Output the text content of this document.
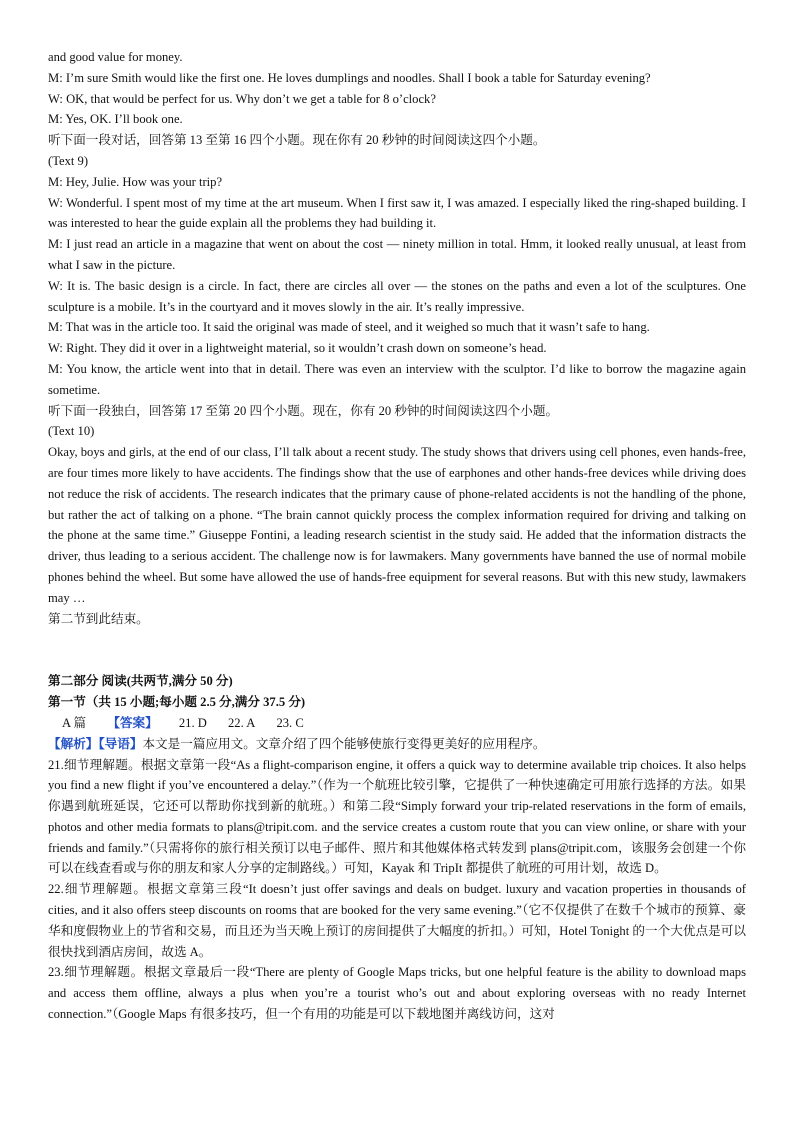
and good value for money.

M: I’m sure Smith would like the first one. He loves dumplings and noodles. Shall I book a table for Saturday evening?

W: OK, that would be perfect for us. Why don’t we get a table for 8 o’clock?

M: Yes, OK. I’ll book one.

听下面一段对话，回答第 13 至第 16 四个小题。现在你有 20 秒钟的时间阅读这四个小题。

(Text 9)

M: Hey, Julie. How was your trip?

W: Wonderful. I spent most of my time at the art museum. When I first saw it, I was amazed. I especially liked the ring-shaped building. I was interested to hear the guide explain all the problems they had building it.

M: I just read an article in a magazine that went on about the cost — ninety million in total. Hmm, it looked really unusual, at least from what I saw in the picture.

W: It is. The basic design is a circle. In fact, there are circles all over — the stones on the paths and even a lot of the sculptures. One sculpture is a mobile. It’s in the courtyard and it moves slowly in the air. It’s really impressive.

M: That was in the article too. It said the original was made of steel, and it weighed so much that it wasn’t safe to hang.

W: Right. They did it over in a lightweight material, so it wouldn’t crash down on someone’s head.

M: You know, the article went into that in detail. There was even an interview with the sculptor. I’d like to borrow the magazine again sometime.

听下面一段独白，回答第 17 至第 20 四个小题。现在，你有 20 秒钟的时间阅读这四个小题。

(Text 10)

Okay, boys and girls, at the end of our class, I’ll talk about a recent study. The study shows that drivers using cell phones, even hands-free, are four times more likely to have accidents. The findings show that the use of earphones and other hands-free devices while driving does not reduce the risk of accidents. The research indicates that the primary cause of phone-related accidents is not the handling of the phone, but rather the act of talking on a phone. “The brain cannot quickly process the complex information required for driving and talking on the phone at the same time.” Giuseppe Fontini, a leading research scientist in the study said. He added that the information distracts the driver, thus leading to a serious accident. The challenge now is for lawmakers. Many governments have banned the use of normal mobile phones behind the wheel. But some have allowed the use of hands-free equipment for several reasons. But with this new study, lawmakers may …

第二节到此结束。

第二部分 阅读(共两节,满分 50 分)

第一节（共 15 小题;每小题 2.5 分,满分 37.5 分)

A 篇 【答案】 21. D 22. A 23. C

【解析】【导语】本文是一篇应用文。文章介绍了四个能够使旅行变得更美好的应用程序。

21.细节理解题。根据文章第一段“As a flight-comparison engine, it offers a quick way to determine available trip choices. It also helps you find a new flight if you’ve encountered a delay.”（作为一个航班比较引擎，它提供了一种快速确定可用旅行选择的方法。如果你遇到航班延误，它还可以帮助你找到新的航班。）和第二段“Simply forward your trip-related reservations in the form of emails, photos and other media formats to plans@tripit.com. and the service creates a custom route that you can view online, or share with your friends and family.”（只需将你的旅行相关预订以电子邮件、照片和其他媒体格式转发到 plans@tripit.com，该服务会创建一个你可以在线查看或与你的朋友和家人分享的定制路线。）可知，Kayak 和 TripIt 都提供了航班的可用计划，故选 D。

22.细节理解题。根据文章第三段“It doesn’t just offer savings and deals on budget. luxury and vacation properties in thousands of cities, and it also offers steep discounts on rooms that are booked for the very same evening.”（它不仅提供了在数千个城市的预算、豪华和度假物业上的节省和交易，而且还为当天晚上预订的房间提供了大幅度的折扣。）可知，Hotel Tonight 的一个大优点是可以很快找到酒店房间，故选 A。

23.细节理解题。根据文章最后一段“There are plenty of Google Maps tricks, but one helpful feature is the ability to download maps and access them offline, always a plus when you’re a tourist who’s out and about exploring overseas with no ready Internet connection.”（Google Maps 有很多技巧，但一个有用的功能是可以下载地图并离线访问，这对
